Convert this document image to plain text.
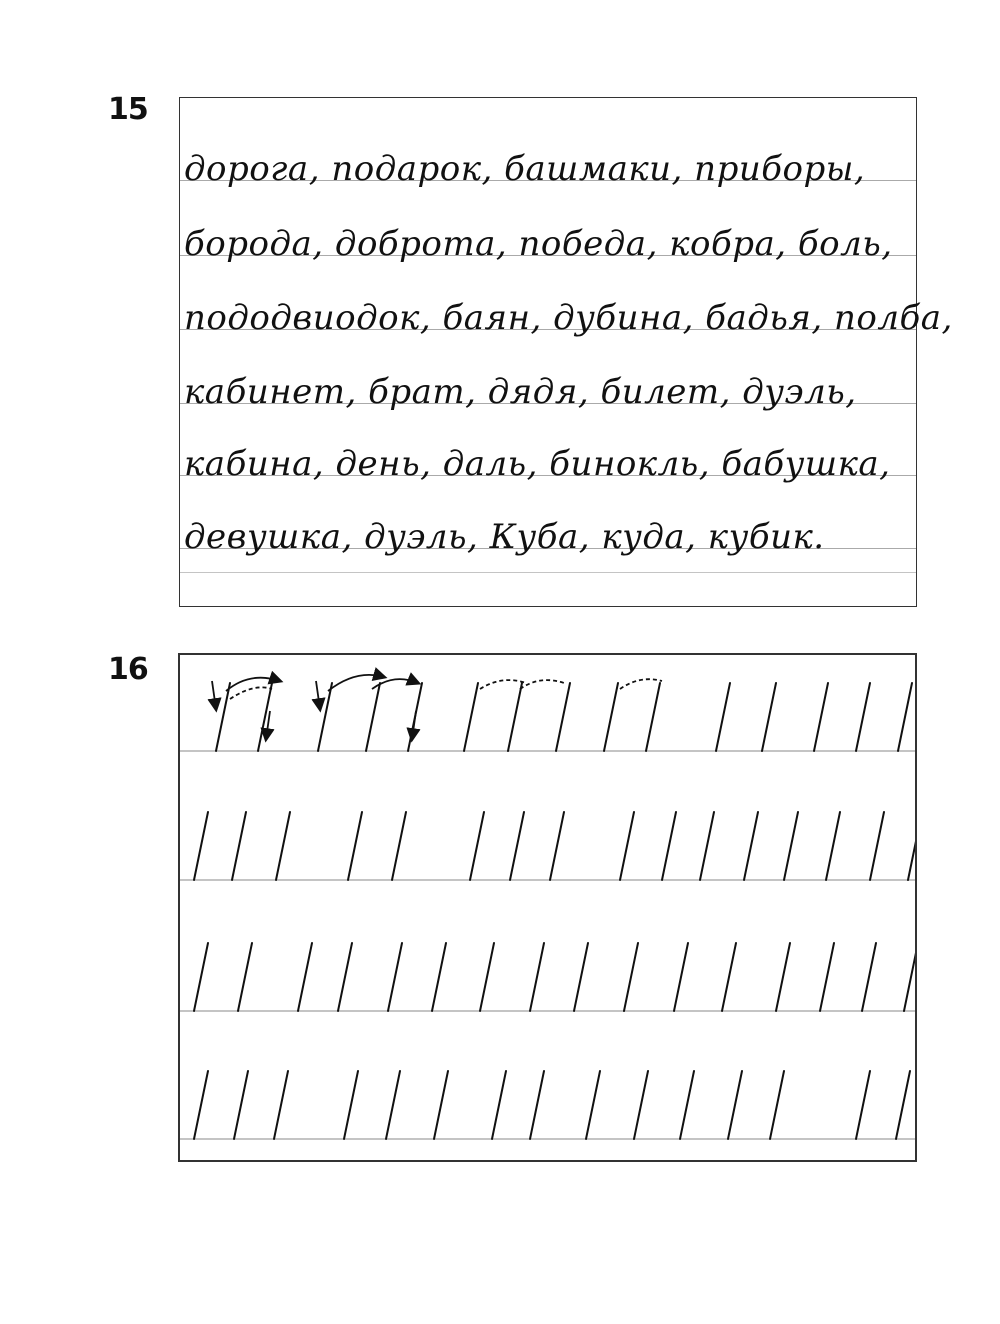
15
дорога, подарок, башмаки, приборы,
борода, доброта, победа, кобра, боль,
пододвиодок, баян, дубина, бадья, полба,
кабинет, брат, дядя, билет, дуэль,
кабина, день, даль, бинокль, бабушка,
девушка, дуэль, Куба, куда, кубик.
16
